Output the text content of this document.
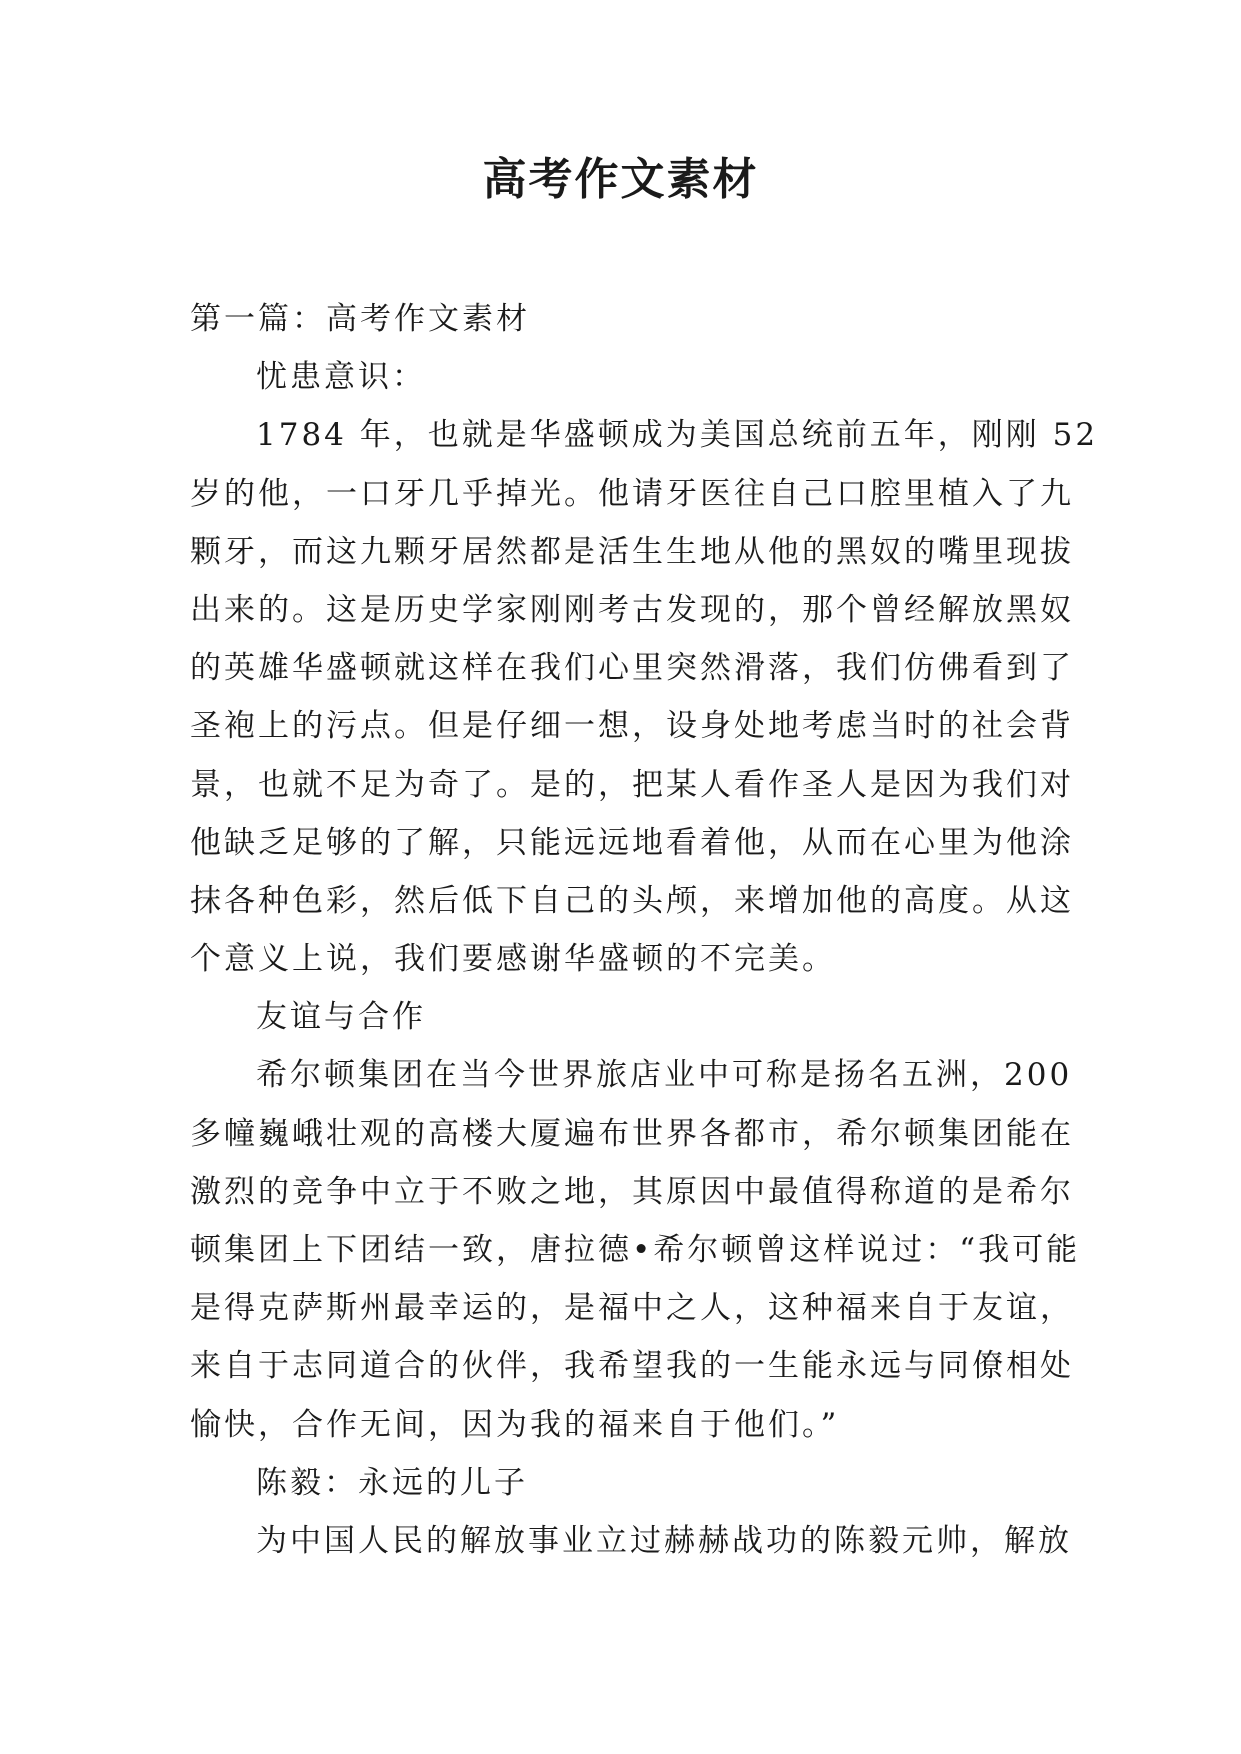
高考作文素材
第一篇：高考作文素材
忧患意识：
1784 年，也就是华盛顿成为美国总统前五年，刚刚 52
岁的他，一口牙几乎掉光。他请牙医往自己口腔里植入了九
颗牙，而这九颗牙居然都是活生生地从他的黑奴的嘴里现拔
出来的。这是历史学家刚刚考古发现的，那个曾经解放黑奴
的英雄华盛顿就这样在我们心里突然滑落，我们仿佛看到了
圣袍上的污点。但是仔细一想，设身处地考虑当时的社会背
景，也就不足为奇了。是的，把某人看作圣人是因为我们对
他缺乏足够的了解，只能远远地看着他，从而在心里为他涂
抹各种色彩，然后低下自己的头颅，来增加他的高度。从这
个意义上说，我们要感谢华盛顿的不完美。
友谊与合作
希尔顿集团在当今世界旅店业中可称是扬名五洲，200
多幢巍峨壮观的高楼大厦遍布世界各都市，希尔顿集团能在
激烈的竞争中立于不败之地，其原因中最值得称道的是希尔
顿集团上下团结一致，唐拉德•希尔顿曾这样说过：“我可能
是得克萨斯州最幸运的，是福中之人，这种福来自于友谊，
来自于志同道合的伙伴，我希望我的一生能永远与同僚相处
愉快，合作无间，因为我的福来自于他们。”
陈毅：永远的儿子
为中国人民的解放事业立过赫赫战功的陈毅元帅，解放
